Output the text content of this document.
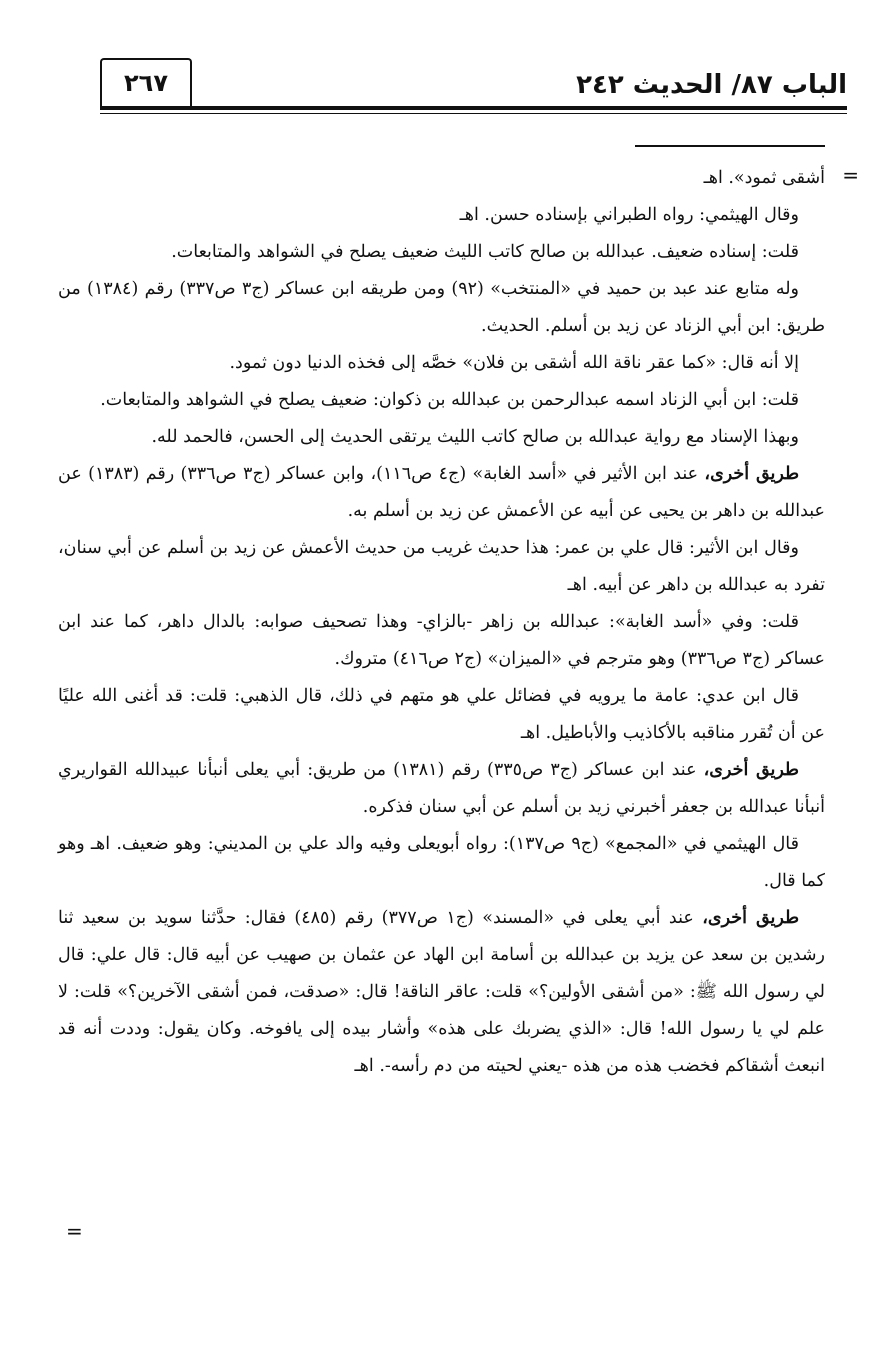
الباب ٨٧/ الحديث ٢٤٢
٢٦٧
=

أشقى ثمود». اهـ

وقال الهيثمي: رواه الطبراني بإسناده حسن. اهـ

قلت: إسناده ضعيف. عبدالله بن صالح كاتب الليث ضعيف يصلح في الشواهد والمتابعات.

وله متابع عند عبد بن حميد في «المنتخب» (٩٢) ومن طريقه ابن عساكر (ج٣ ص٣٣٧) رقم (١٣٨٤) من طريق: ابن أبي الزناد عن زيد بن أسلم. الحديث.

إلا أنه قال: «كما عقر ناقة الله أشقى بن فلان» خصَّه إلى فخذه الدنيا دون ثمود.

قلت: ابن أبي الزناد اسمه عبدالرحمن بن عبدالله بن ذكوان: ضعيف يصلح في الشواهد والمتابعات.

وبهذا الإسناد مع رواية عبدالله بن صالح كاتب الليث يرتقى الحديث إلى الحسن، فالحمد لله.

طريق أخرى، عند ابن الأثير في «أسد الغابة» (ج٤ ص١١٦)، وابن عساكر (ج٣ ص٣٣٦) رقم (١٣٨٣) عن عبدالله بن داهر بن يحيى عن أبيه عن الأعمش عن زيد بن أسلم به.

وقال ابن الأثير: قال علي بن عمر: هذا حديث غريب من حديث الأعمش عن زيد بن أسلم عن أبي سنان، تفرد به عبدالله بن داهر عن أبيه. اهـ

قلت: وفي «أسد الغابة»: عبدالله بن زاهر -بالزاي- وهذا تصحيف صوابه: بالدال داهر، كما عند ابن عساكر (ج٣ ص٣٣٦) وهو مترجم في «الميزان» (ج٢ ص٤١٦) متروك.

قال ابن عدي: عامة ما يرويه في فضائل علي هو متهم في ذلك، قال الذهبي: قلت: قد أغنى الله عليًا عن أن تُقرر مناقبه بالأكاذيب والأباطيل. اهـ

طريق أخرى، عند ابن عساكر (ج٣ ص٣٣٥) رقم (١٣٨١) من طريق: أبي يعلى أنبأنا عبيدالله القواريري أنبأنا عبدالله بن جعفر أخبرني زيد بن أسلم عن أبي سنان فذكره.

قال الهيثمي في «المجمع» (ج٩ ص١٣٧): رواه أبويعلى وفيه والد علي بن المديني: وهو ضعيف. اهـ وهو كما قال.

طريق أخرى، عند أبي يعلى في «المسند» (ج١ ص٣٧٧) رقم (٤٨٥) فقال: حدَّثنا سويد بن سعيد ثنا رشدين بن سعد عن يزيد بن عبدالله بن أسامة ابن الهاد عن عثمان بن صهيب عن أبيه قال: قال علي: قال لي رسول الله ﷺ: «من أشقى الأولين؟» قلت: عاقر الناقة! قال: «صدقت، فمن أشقى الآخرين؟» قلت: لا علم لي يا رسول الله! قال: «الذي يضربك على هذه» وأشار بيده إلى يافوخه. وكان يقول: وددت أنه قد انبعث أشقاكم فخضب هذه من هذه -يعني لحيته من دم رأسه-. اهـ

=
